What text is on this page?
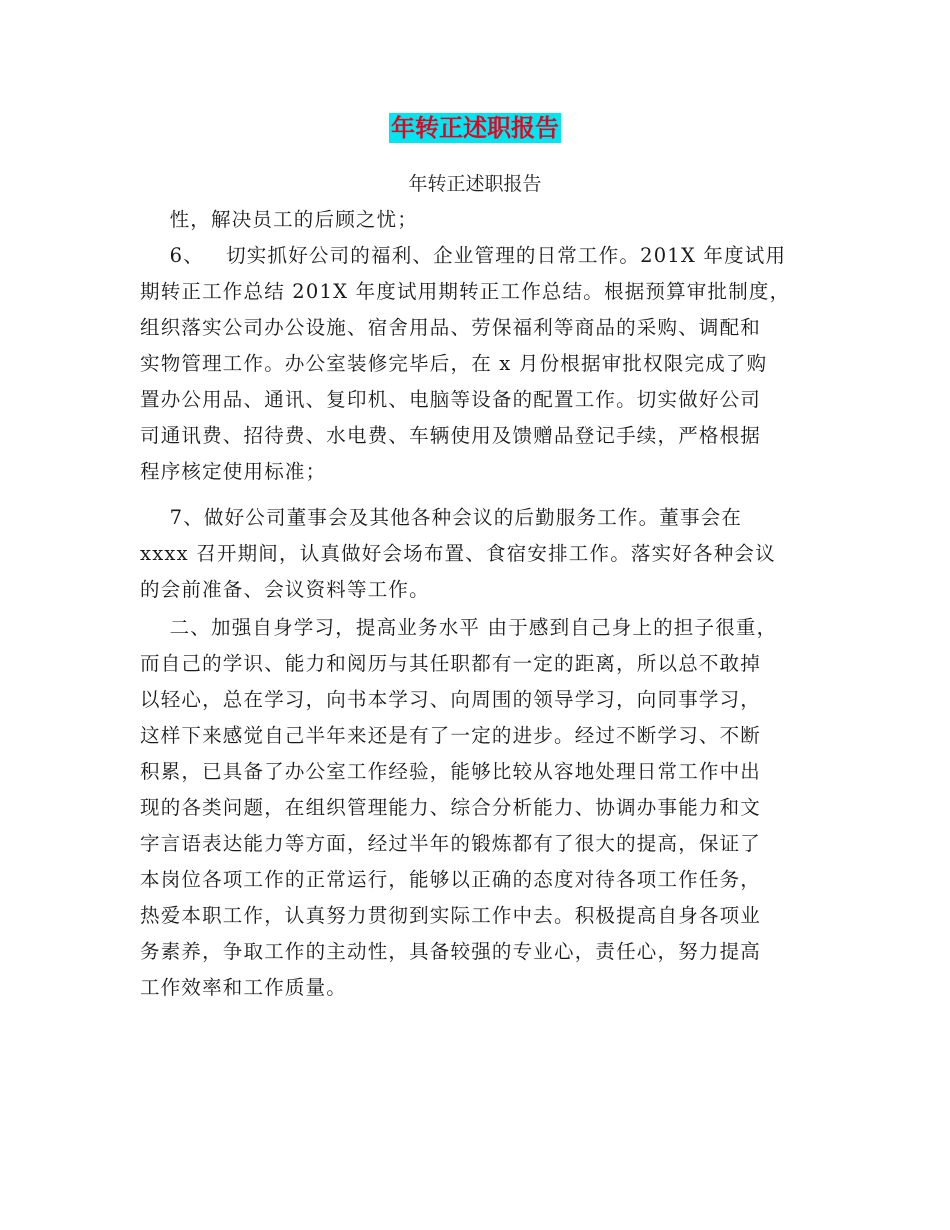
年转正述职报告
年转正述职报告
性，解决员工的后顾之忧；
6、   切实抓好公司的福利、企业管理的日常工作。201X 年度试用
期转正工作总结 201X 年度试用期转正工作总结。根据预算审批制度，
组织落实公司办公设施、宿舍用品、劳保福利等商品的采购、调配和
实物管理工作。办公室装修完毕后，在 x 月份根据审批权限完成了购
置办公用品、通讯、复印机、电脑等设备的配置工作。切实做好公司
司通讯费、招待费、水电费、车辆使用及馈赠品登记手续，严格根据
程序核定使用标准；
7、做好公司董事会及其他各种会议的后勤服务工作。董事会在
xxxx 召开期间，认真做好会场布置、食宿安排工作。落实好各种会议
的会前准备、会议资料等工作。
二、加强自身学习，提高业务水平 由于感到自己身上的担子很重，
而自己的学识、能力和阅历与其任职都有一定的距离，所以总不敢掉
以轻心，总在学习，向书本学习、向周围的领导学习，向同事学习，
这样下来感觉自己半年来还是有了一定的进步。经过不断学习、不断
积累，已具备了办公室工作经验，能够比较从容地处理日常工作中出
现的各类问题，在组织管理能力、综合分析能力、协调办事能力和文
字言语表达能力等方面，经过半年的锻炼都有了很大的提高，保证了
本岗位各项工作的正常运行，能够以正确的态度对待各项工作任务，
热爱本职工作，认真努力贯彻到实际工作中去。积极提高自身各项业
务素养，争取工作的主动性，具备较强的专业心，责任心，努力提高
工作效率和工作质量。
